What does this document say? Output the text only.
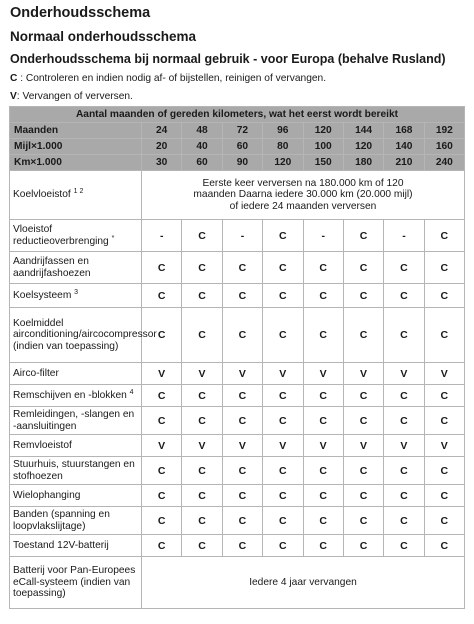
Onderhoudsschema
Normaal onderhoudsschema
Onderhoudsschema bij normaal gebruik - voor Europa (behalve Rusland)
C : Controleren en indien nodig af- of bijstellen, reinigen of vervangen.
V: Vervangen of verversen.
Aantal maanden of gereden kilometers, wat het eerst wordt bereikt								
Maanden	24	48	72	96	120	144	168	192
Mijl×1.000	20	40	60	80	100	120	140	160
Km×1.000	30	60	90	120	150	180	210	240
Koelvloeistof $^{1 2}$	Eerste keer verversen na 180.000 km of 120 maanden Daarna iedere 30.000 km (20.000 mijl) of iedere 24 maanden verversen							
Vloeistof reductieoverbrenging *	-	C	-	C	-	C	-	C
Aandrijfassen en aandrijfashoezen	C	C	C	C	C	C	C	C
Koelsysteem $^3$	C	C	C	C	C	C	C	C
Koelmiddel airconditioning/aircocompressor (indien van toepassing)	C	C	C	C	C	C	C	C
Airco-filter	V	V	V	V	V	V	V	V
Remschijven en -blokken $^4$	C	C	C	C	C	C	C	C
Remleidingen, -slangen en -aansluitingen	C	C	C	C	C	C	C	C
Remvloeistof	V	V	V	V	V	V	V	V
Stuurhuis, stuurstangen en stofhoezen	C	C	C	C	C	C	C	C
Wielophanging	C	C	C	C	C	C	C	C
Banden (spanning en loopvlakslijtage)	C	C	C	C	C	C	C	C
Toestand 12V-batterij	C	C	C	C	C	C	C	C
Batterij voor Pan-Europees eCall-systeem (indien van toepassing)	Iedere 4 jaar vervangen							
